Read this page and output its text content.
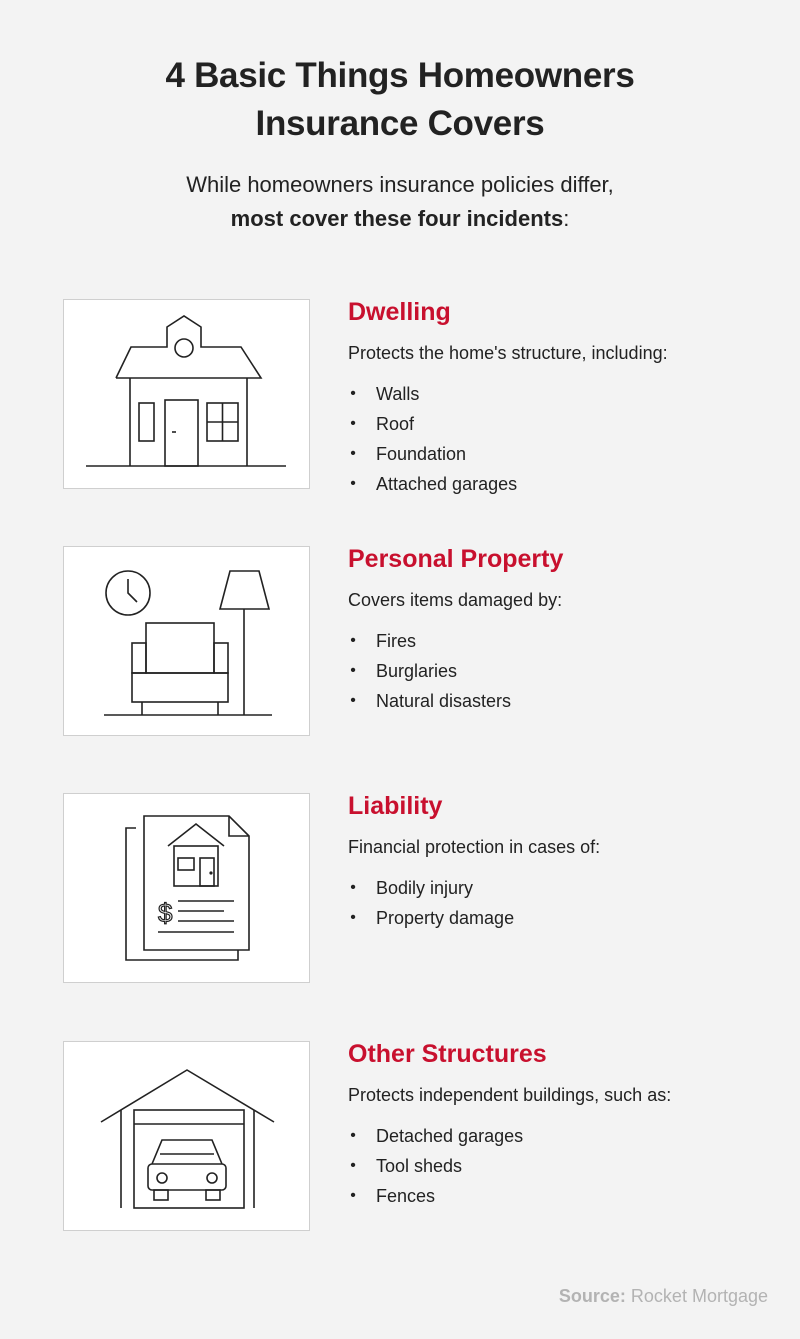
4 Basic Things Homeowners
Insurance Covers
While homeowners insurance policies differ,
most cover these four incidents:
Dwelling
Protects the home's structure, including:
• Walls
• Roof
• Foundation
• Attached garages
Personal Property
Covers items damaged by:
• Fires
• Burglaries
• Natural disasters
$
Liability
Financial protection in cases of:
• Bodily injury
• Property damage
Other Structures
Protects independent buildings, such as:
• Detached garages
• Tool sheds
• Fences
Source: Rocket Mortgage
